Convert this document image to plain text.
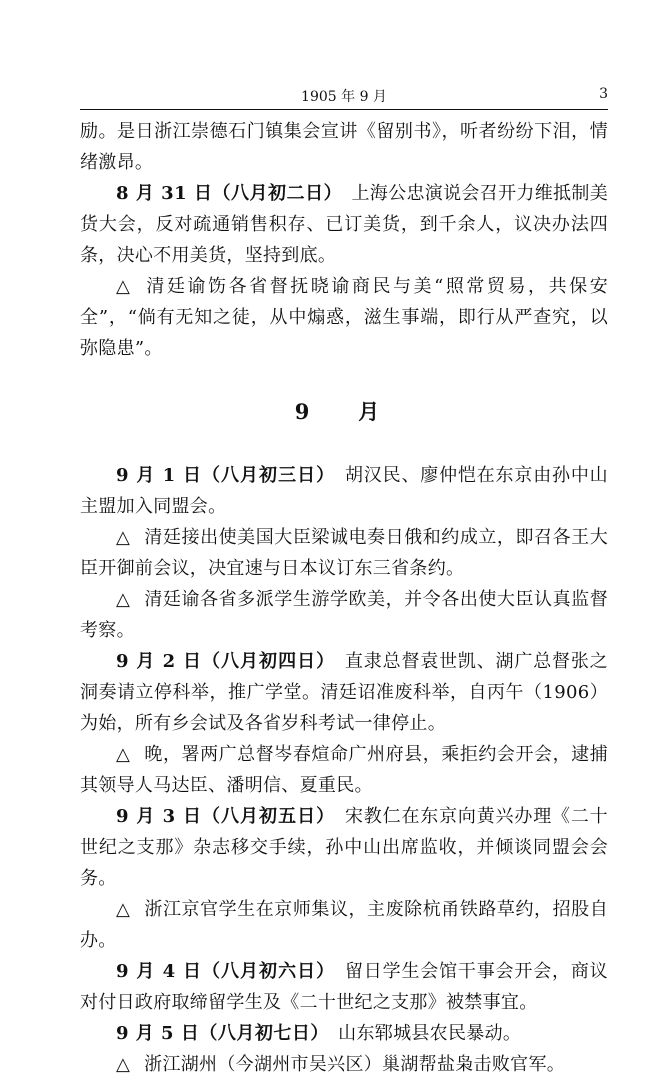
1905 年 9 月	3

励。是日浙江崇德石门镇集会宣讲《留别书》，听者纷纷下泪，情绪激昂。

8 月 31 日（八月初二日）　 上海公忠演说会召开力维抵制美货大会，反对疏通销售积存、已订美货，到千余人，议决办法四条，决心不用美货，坚持到底。

△ 清廷谕饬各省督抚晓谕商民与美“照常贸易，共保安全”，“倘有无知之徒，从中煽惑，滋生事端，即行从严查究，以弥隐患”。

9　月

9 月 1 日（八月初三日）　 胡汉民、廖仲恺在东京由孙中山主盟加入同盟会。

△ 清廷接出使美国大臣梁诚电奏日俄和约成立，即召各王大臣开御前会议，决宜速与日本议订东三省条约。

△ 清廷谕各省多派学生游学欧美，并令各出使大臣认真监督考察。

9 月 2 日（八月初四日）　 直隶总督袁世凯、湖广总督张之洞奏请立停科举，推广学堂。清廷诏准废科举，自丙午（1906）为始，所有乡会试及各省岁科考试一律停止。

△ 晚，署两广总督岑春煊命广州府县，乘拒约会开会，逮捕其领导人马达臣、潘明信、夏重民。

9 月 3 日（八月初五日）　 宋教仁在东京向黄兴办理《二十世纪之支那》杂志移交手续，孙中山出席监收，并倾谈同盟会会务。

△ 浙江京官学生在京师集议，主废除杭甬铁路草约，招股自办。

9 月 4 日（八月初六日）　 留日学生会馆干事会开会，商议对付日政府取缔留学生及《二十世纪之支那》被禁事宜。

9 月 5 日（八月初七日）　 山东郓城县农民暴动。

△ 浙江湖州（今湖州市吴兴区）巢湖帮盐枭击败官军。
